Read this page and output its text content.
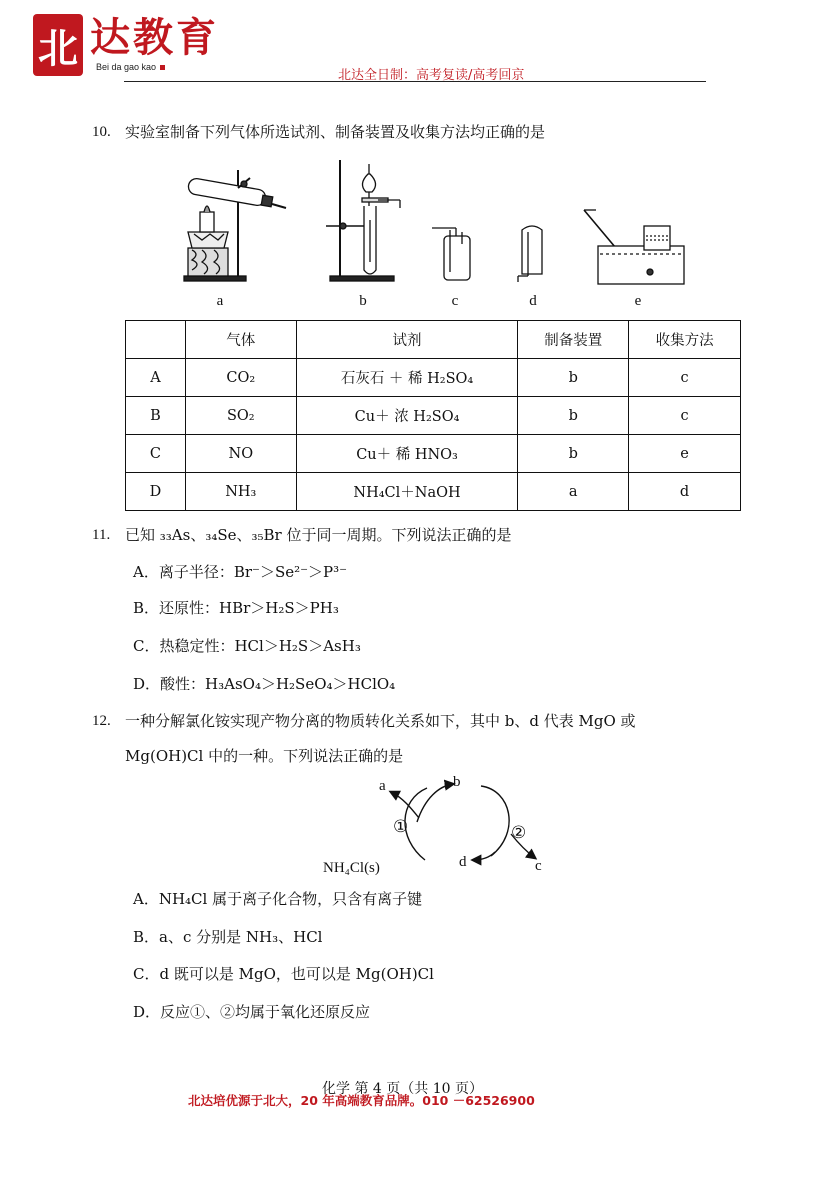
北 达教育
Bei da gao kao
北达全日制：高考复读/高考回京
10. 实验室制备下列气体所选试剂、制备装置及收集方法均正确的是
a	b	c	d	e
	气体	试剂	制备装置	收集方法
A	CO₂	石灰石 ＋ 稀 H₂SO₄	b	c
B	SO₂	Cu＋ 浓 H₂SO₄	b	c
C	NO	Cu＋ 稀 HNO₃	b	e
D	NH₃	NH₄Cl＋NaOH	a	d
11. 已知 ₃₃As、₃₄Se、₃₅Br 位于同一周期。下列说法正确的是
A．离子半径：Br⁻＞Se²⁻＞P³⁻
B．还原性：HBr＞H₂S＞PH₃
C．热稳定性：HCl＞H₂S＞AsH₃
D．酸性：H₃AsO₄＞H₂SeO₄＞HClO₄
12. 一种分解氯化铵实现产物分离的物质转化关系如下，其中 b、d 代表 MgO 或
Mg(OH)Cl 中的一种。下列说法正确的是
a	b
c
d
NH₄Cl(s)
①	②
A．NH₄Cl 属于离子化合物，只含有离子键
B．a、c 分别是 NH₃、HCl
C．d 既可以是 MgO，也可以是 Mg(OH)Cl
D．反应①、②均属于氧化还原反应
化学 第 4 页（共 10 页）
北达培优源于北大，20 年高端教育品牌。010 －62526900
